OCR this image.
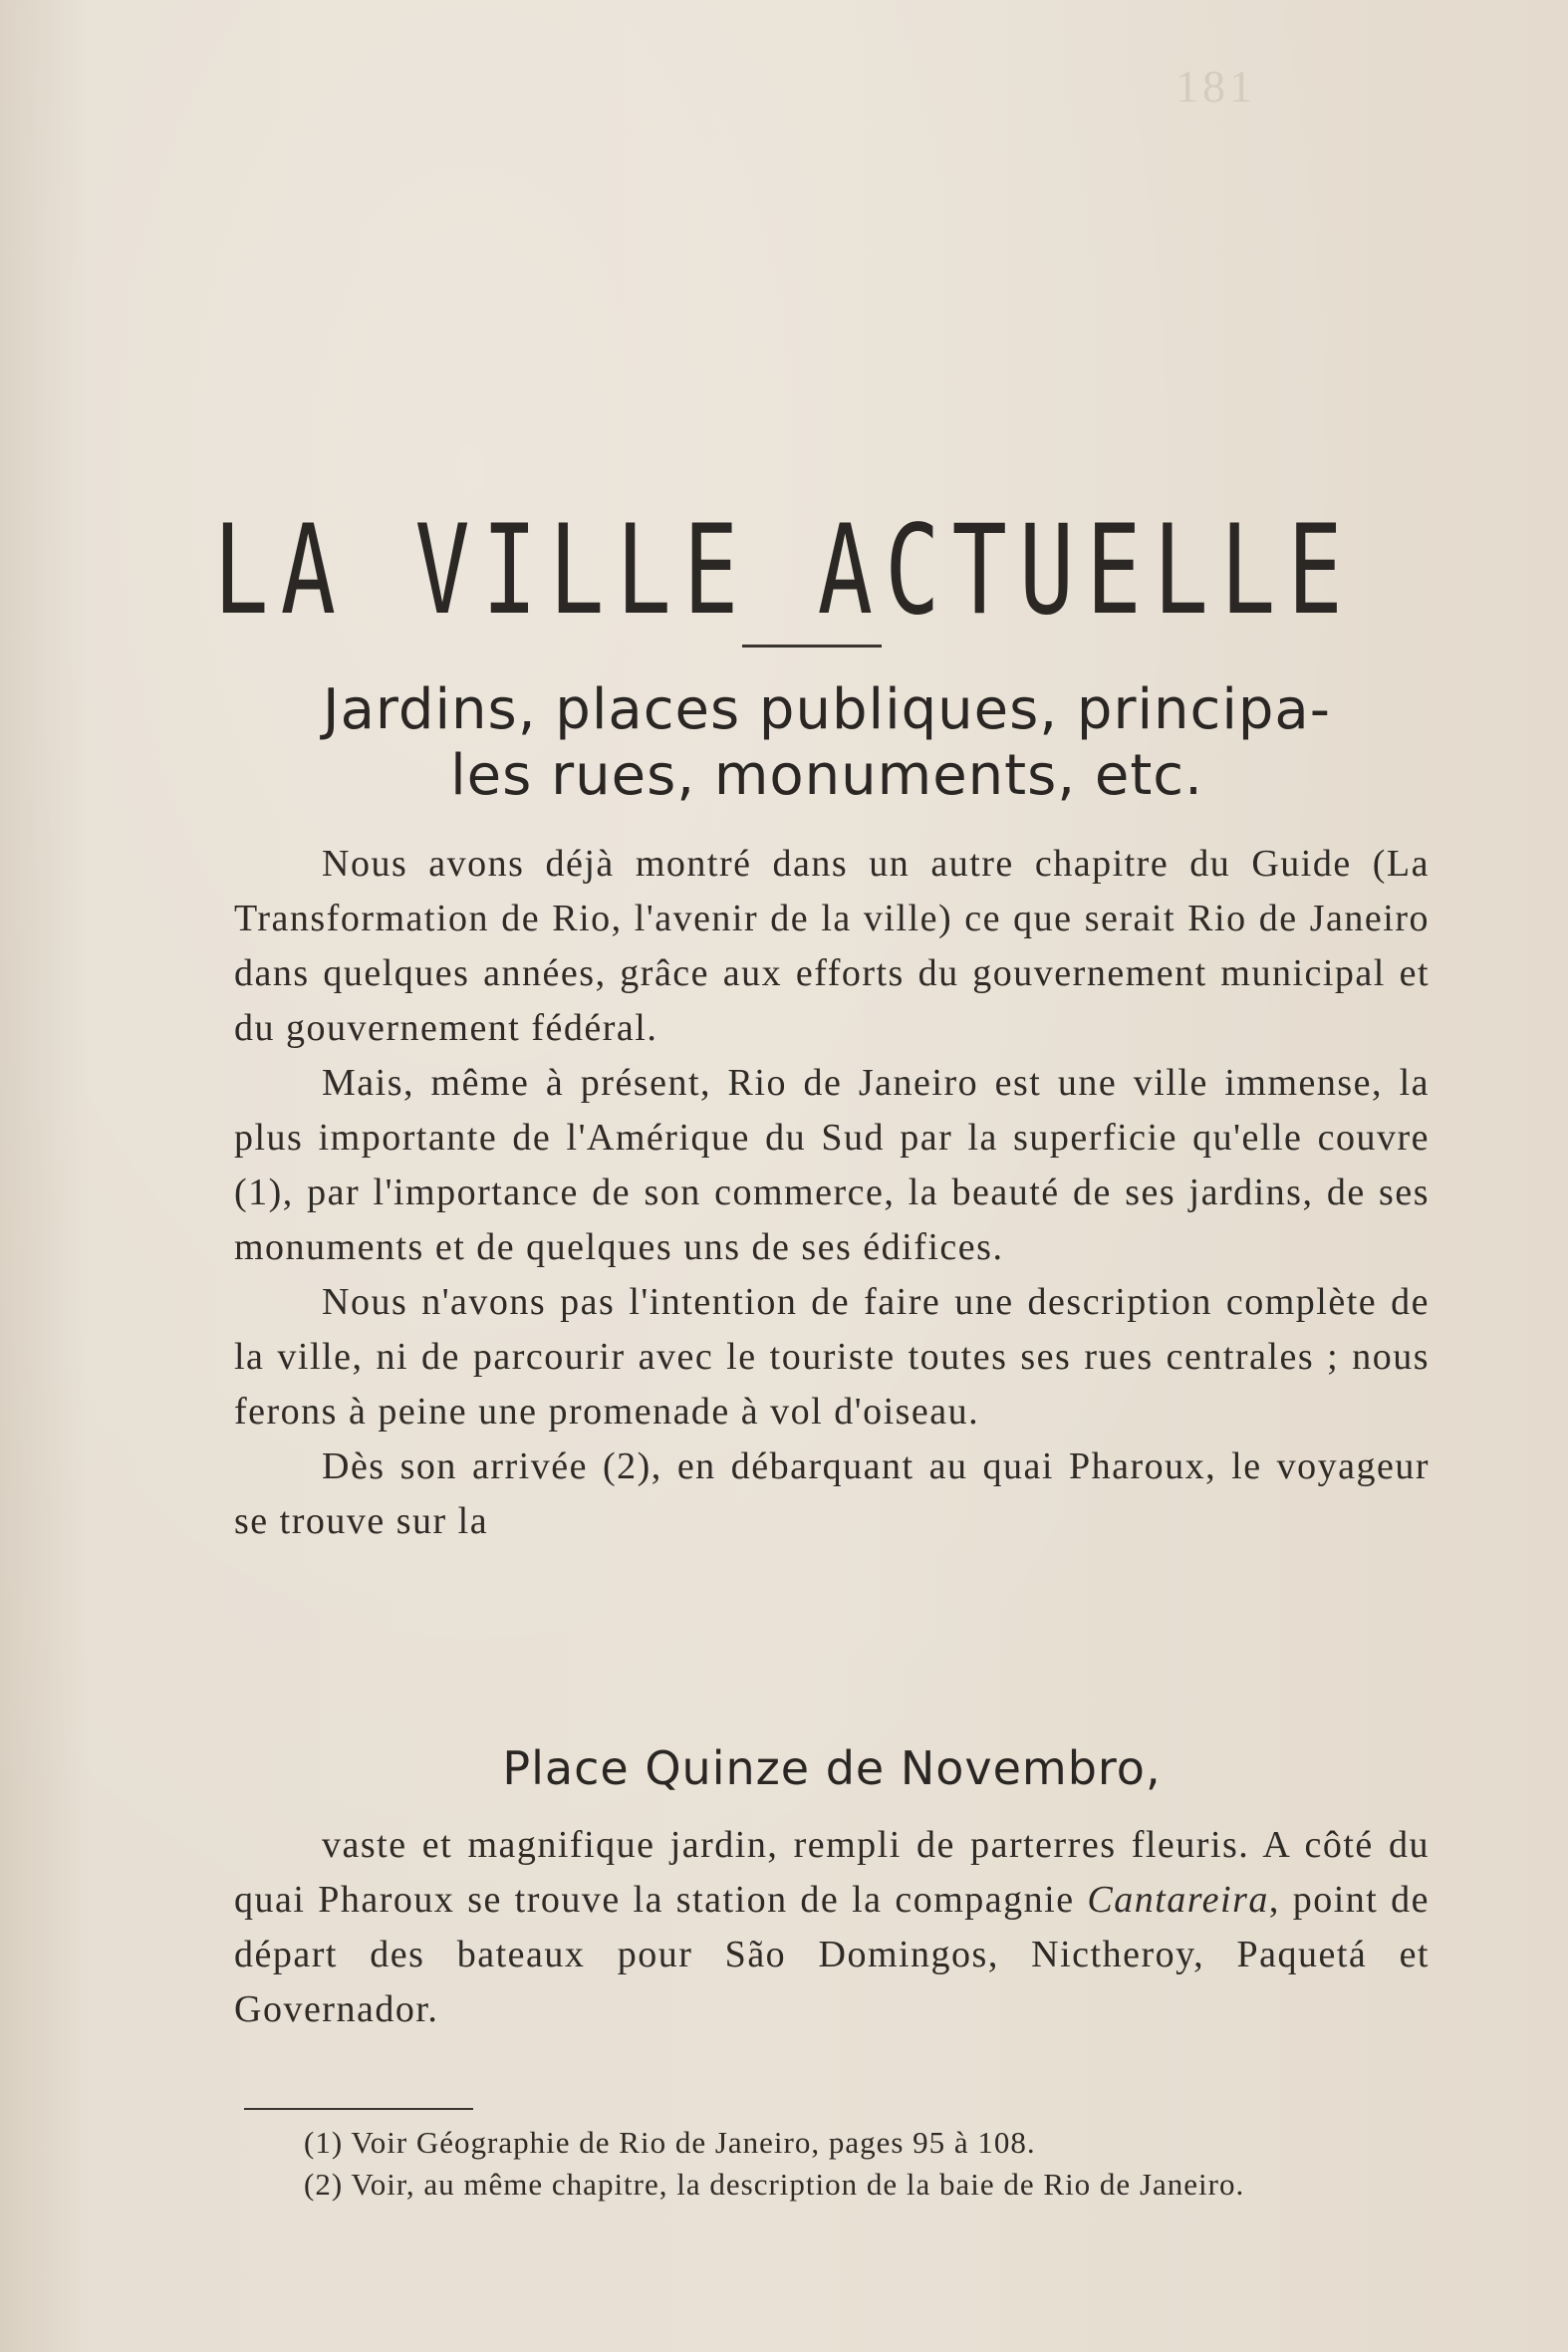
181
LA VILLE ACTUELLE
Jardins, places publiques, principa-
les rues, monuments, etc.

Nous avons déjà montré dans un autre chapitre du Guide (La Transformation de Rio, l'avenir de la ville) ce que serait Rio de Janeiro dans quelques années, grâce aux efforts du gouvernement municipal et du gouvernement fédéral.

Mais, même à présent, Rio de Janeiro est une ville immense, la plus importante de l'Amérique du Sud par la superficie qu'elle couvre (1), par l'importance de son commerce, la beauté de ses jardins, de ses monuments et de quelques uns de ses édifices.

Nous n'avons pas l'intention de faire une description complète de la ville, ni de parcourir avec le touriste toutes ses rues centrales ; nous ferons à peine une promenade à vol d'oiseau.

Dès son arrivée (2), en débarquant au quai Pharoux, le voyageur se trouve sur la

Place Quinze de Novembro,

vaste et magnifique jardin, rempli de parterres fleuris. A côté du quai Pharoux se trouve la station de la compagnie Cantareira, point de départ des bateaux pour São Domingos, Nictheroy, Paquetá et Governador.

(1) Voir Géographie de Rio de Janeiro, pages 95 à 108.

(2) Voir, au même chapitre, la description de la baie de Rio de Janeiro.
